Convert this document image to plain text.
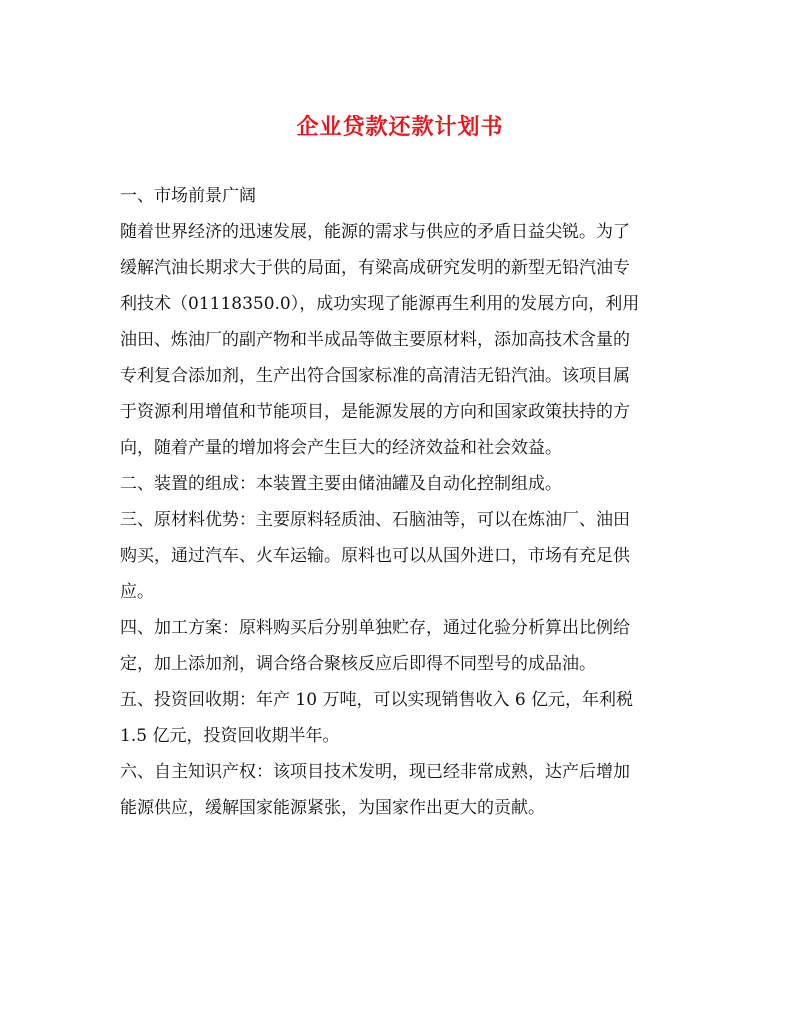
企业贷款还款计划书
一、市场前景广阔
随着世界经济的迅速发展，能源的需求与供应的矛盾日益尖锐。为了
缓解汽油长期求大于供的局面，有梁高成研究发明的新型无铅汽油专
利技术（01118350.0），成功实现了能源再生利用的发展方向，利用
油田、炼油厂的副产物和半成品等做主要原材料，添加高技术含量的
专利复合添加剂，生产出符合国家标准的高清洁无铅汽油。该项目属
于资源利用增值和节能项目，是能源发展的方向和国家政策扶持的方
向，随着产量的增加将会产生巨大的经济效益和社会效益。
二、装置的组成：本装置主要由储油罐及自动化控制组成。
三、原材料优势：主要原料轻质油、石脑油等，可以在炼油厂、油田
购买，通过汽车、火车运输。原料也可以从国外进口，市场有充足供
应。
四、加工方案：原料购买后分别单独贮存，通过化验分析算出比例给
定，加上添加剂，调合络合聚核反应后即得不同型号的成品油。
五、投资回收期：年产 10 万吨，可以实现销售收入 6 亿元，年利税
1.5 亿元，投资回收期半年。
六、自主知识产权：该项目技术发明，现已经非常成熟，达产后增加
能源供应，缓解国家能源紧张，为国家作出更大的贡献。
